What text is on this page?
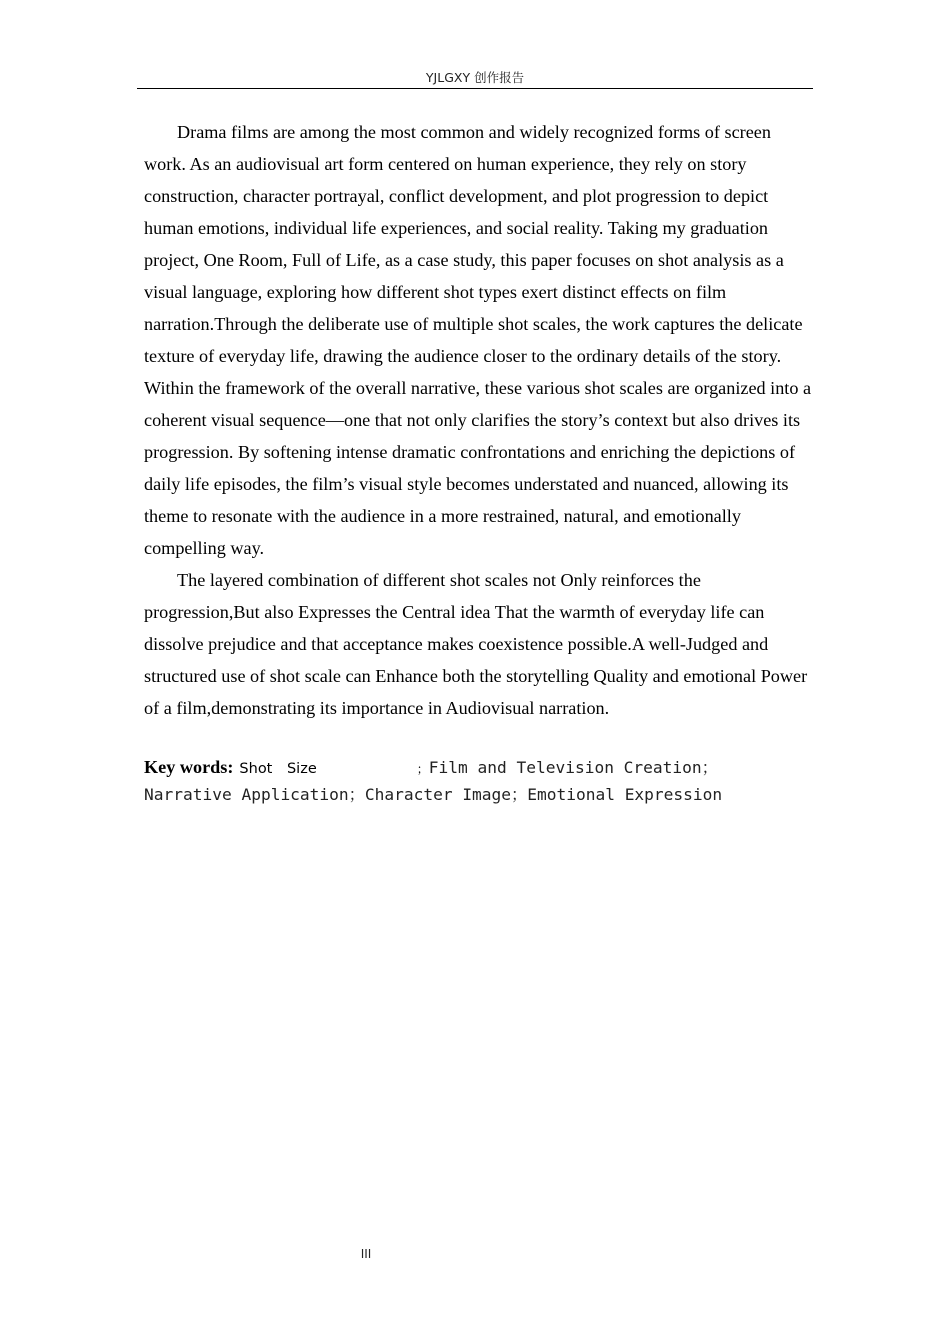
YJLGXY 创作报告

Drama films are among the most common and widely recognized forms of screen work. As an audiovisual art form centered on human experience, they rely on story construction, character portrayal, conflict development, and plot progression to depict human emotions, individual life experiences, and social reality. Taking my graduation project, One Room, Full of Life, as a case study, this paper focuses on shot analysis as a visual language, exploring how different shot types exert distinct effects on film narration.Through the deliberate use of multiple shot scales, the work captures the delicate texture of everyday life, drawing the audience closer to the ordinary details of the story. Within the framework of the overall narrative, these various shot scales are organized into a coherent visual sequence—one that not only clarifies the story’s context but also drives its progression. By softening intense dramatic confrontations and enriching the depictions of daily life episodes, the film’s visual style becomes understated and nuanced, allowing its theme to resonate with the audience in a more restrained, natural, and emotionally compelling way.

The layered combination of different shot scales not Only reinforces the progression,But also Expresses the Central idea That the warmth of everyday life can dissolve prejudice and that acceptance makes coexistence possible.A well-Judged and structured use of shot scale can Enhance both the storytelling Quality and emotional Power of a film,demonstrating its importance in Audiovisual narration.

Key words: Shot Size	；Film and Television Creation；
Narrative Application；Character Image；Emotional Expression
III
